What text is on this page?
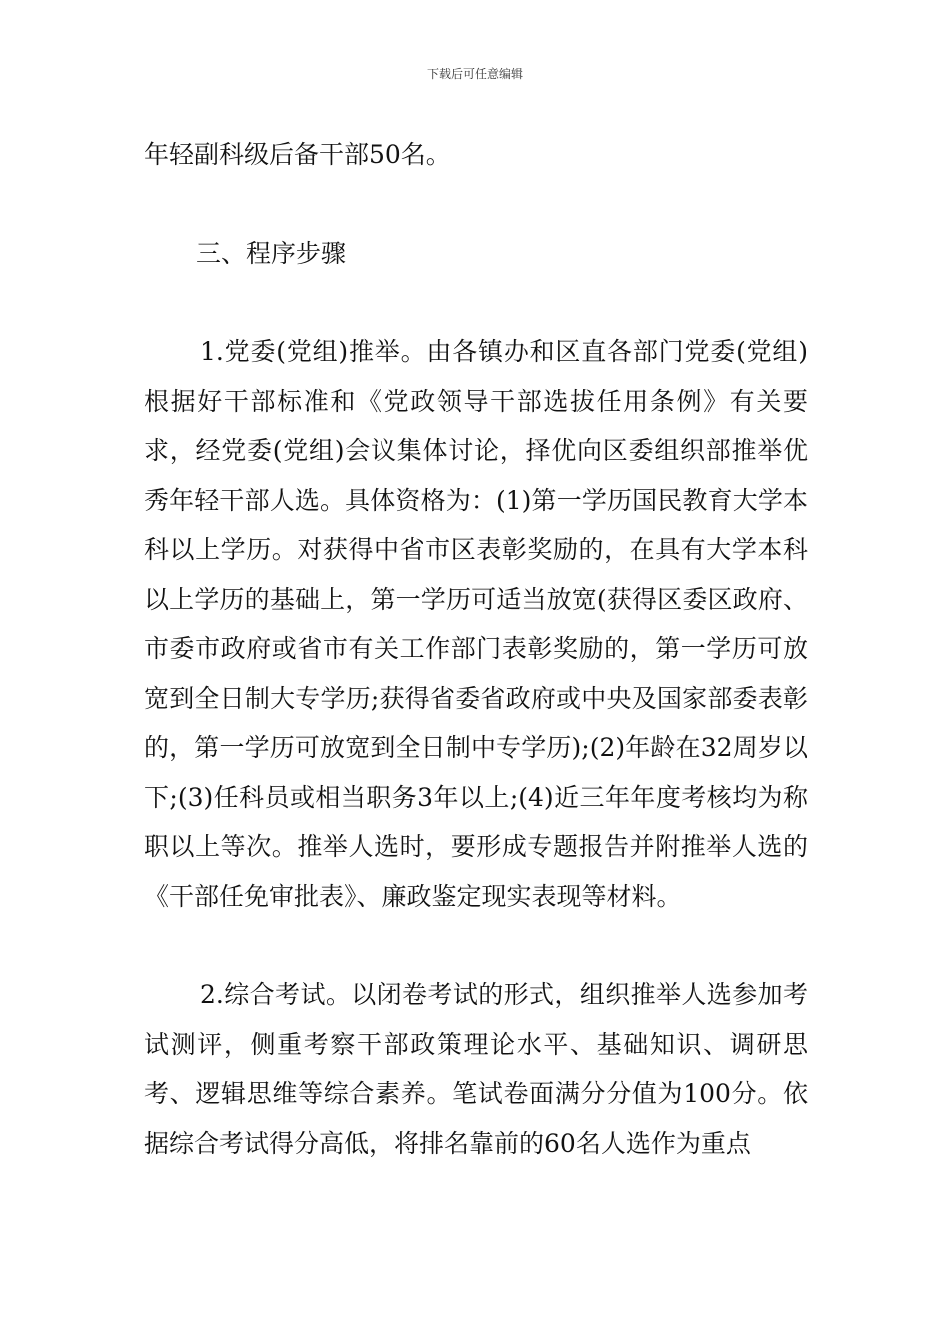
下载后可任意编辑

年轻副科级后备干部50名。

三、程序步骤

1.党委(党组)推举。由各镇办和区直各部门党委(党组)根据好干部标准和《党政领导干部选拔任用条例》有关要求，经党委(党组)会议集体讨论，择优向区委组织部推举优秀年轻干部人选。具体资格为：(1)第一学历国民教育大学本科以上学历。对获得中省市区表彰奖励的，在具有大学本科以上学历的基础上，第一学历可适当放宽(获得区委区政府、市委市政府或省市有关工作部门表彰奖励的，第一学历可放宽到全日制大专学历;获得省委省政府或中央及国家部委表彰的，第一学历可放宽到全日制中专学历);(2)年龄在32周岁以下;(3)任科员或相当职务3年以上;(4)近三年年度考核均为称职以上等次。推举人选时，要形成专题报告并附推举人选的《干部任免审批表》、廉政鉴定现实表现等材料。

2.综合考试。以闭卷考试的形式，组织推举人选参加考试测评，侧重考察干部政策理论水平、基础知识、调研思考、逻辑思维等综合素养。笔试卷面满分分值为100分。依据综合考试得分高低，将排名靠前的60名人选作为重点
